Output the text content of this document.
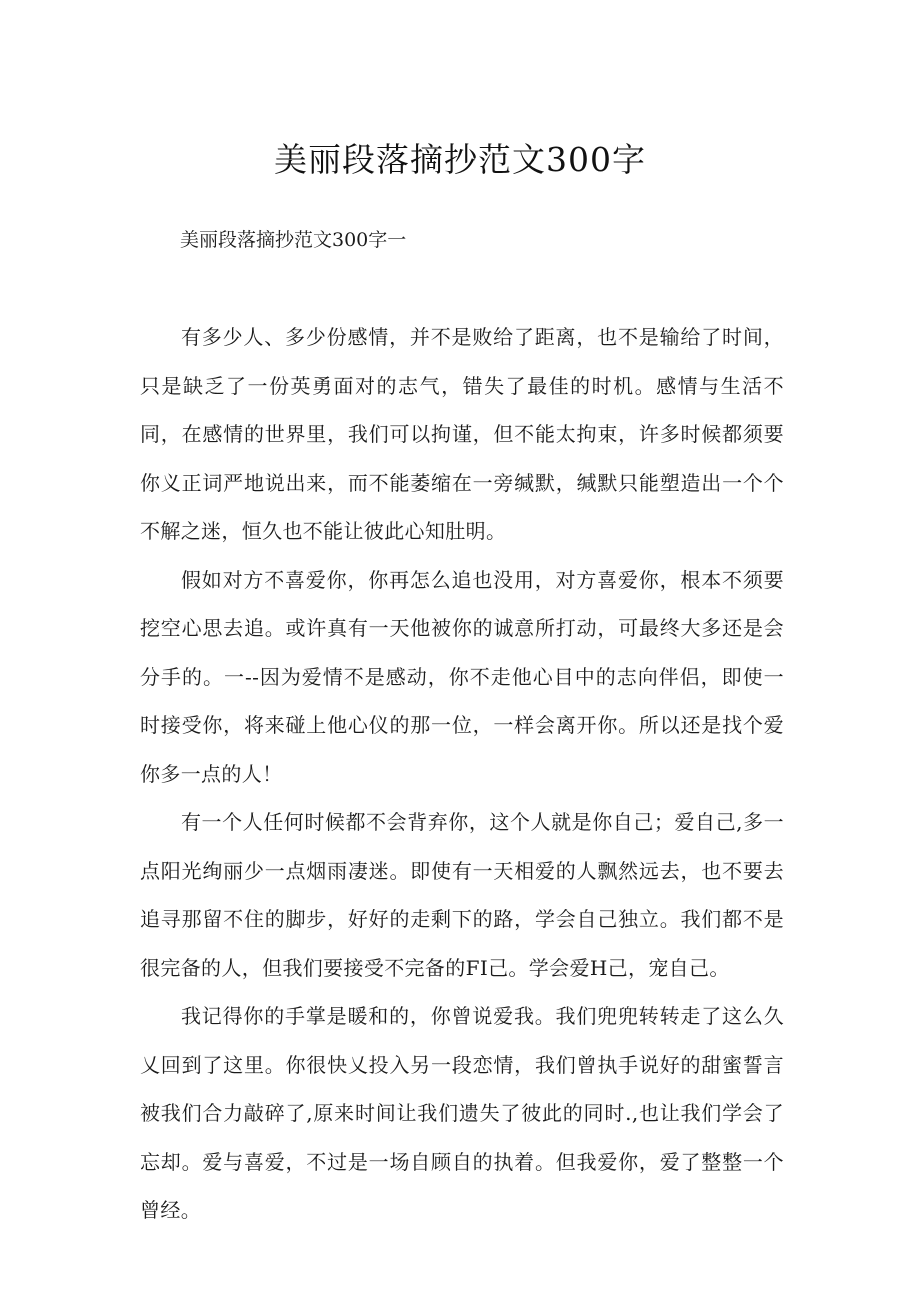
美丽段落摘抄范文300字

美丽段落摘抄范文300字一

有多少人、多少份感情，并不是败给了距离，也不是输给了时间，只是缺乏了一份英勇面对的志气，错失了最佳的时机。感情与生活不同，在感情的世界里，我们可以拘谨，但不能太拘束，许多时候都须要你义正词严地说出来，而不能萎缩在一旁缄默，缄默只能塑造出一个个不解之迷，恒久也不能让彼此心知肚明。

假如对方不喜爱你，你再怎么追也没用，对方喜爱你，根本不须要挖空心思去追。或许真有一天他被你的诚意所打动，可最终大多还是会分手的。一--因为爱情不是感动，你不走他心目中的志向伴侣，即使一时接受你，将来碰上他心仪的那一位，一样会离开你。所以还是找个爱你多一点的人！

有一个人任何时候都不会背弃你，这个人就是你自己；爱自己,多一点阳光绚丽少一点烟雨凄迷。即使有一天相爱的人飘然远去，也不要去追寻那留不住的脚步，好好的走剩下的路，学会自己独立。我们都不是很完备的人，但我们要接受不完备的FI己。学会爱H己，宠自己。

我记得你的手掌是暖和的，你曾说爱我。我们兜兜转转走了这么久乂回到了这里。你很快乂投入另一段恋情，我们曾执手说好的甜蜜誓言被我们合力敲碎了,原来时间让我们遗失了彼此的同时.,也让我们学会了忘却。爱与喜爱，不过是一场自顾自的执着。但我爱你，爱了整整一个曾经。
